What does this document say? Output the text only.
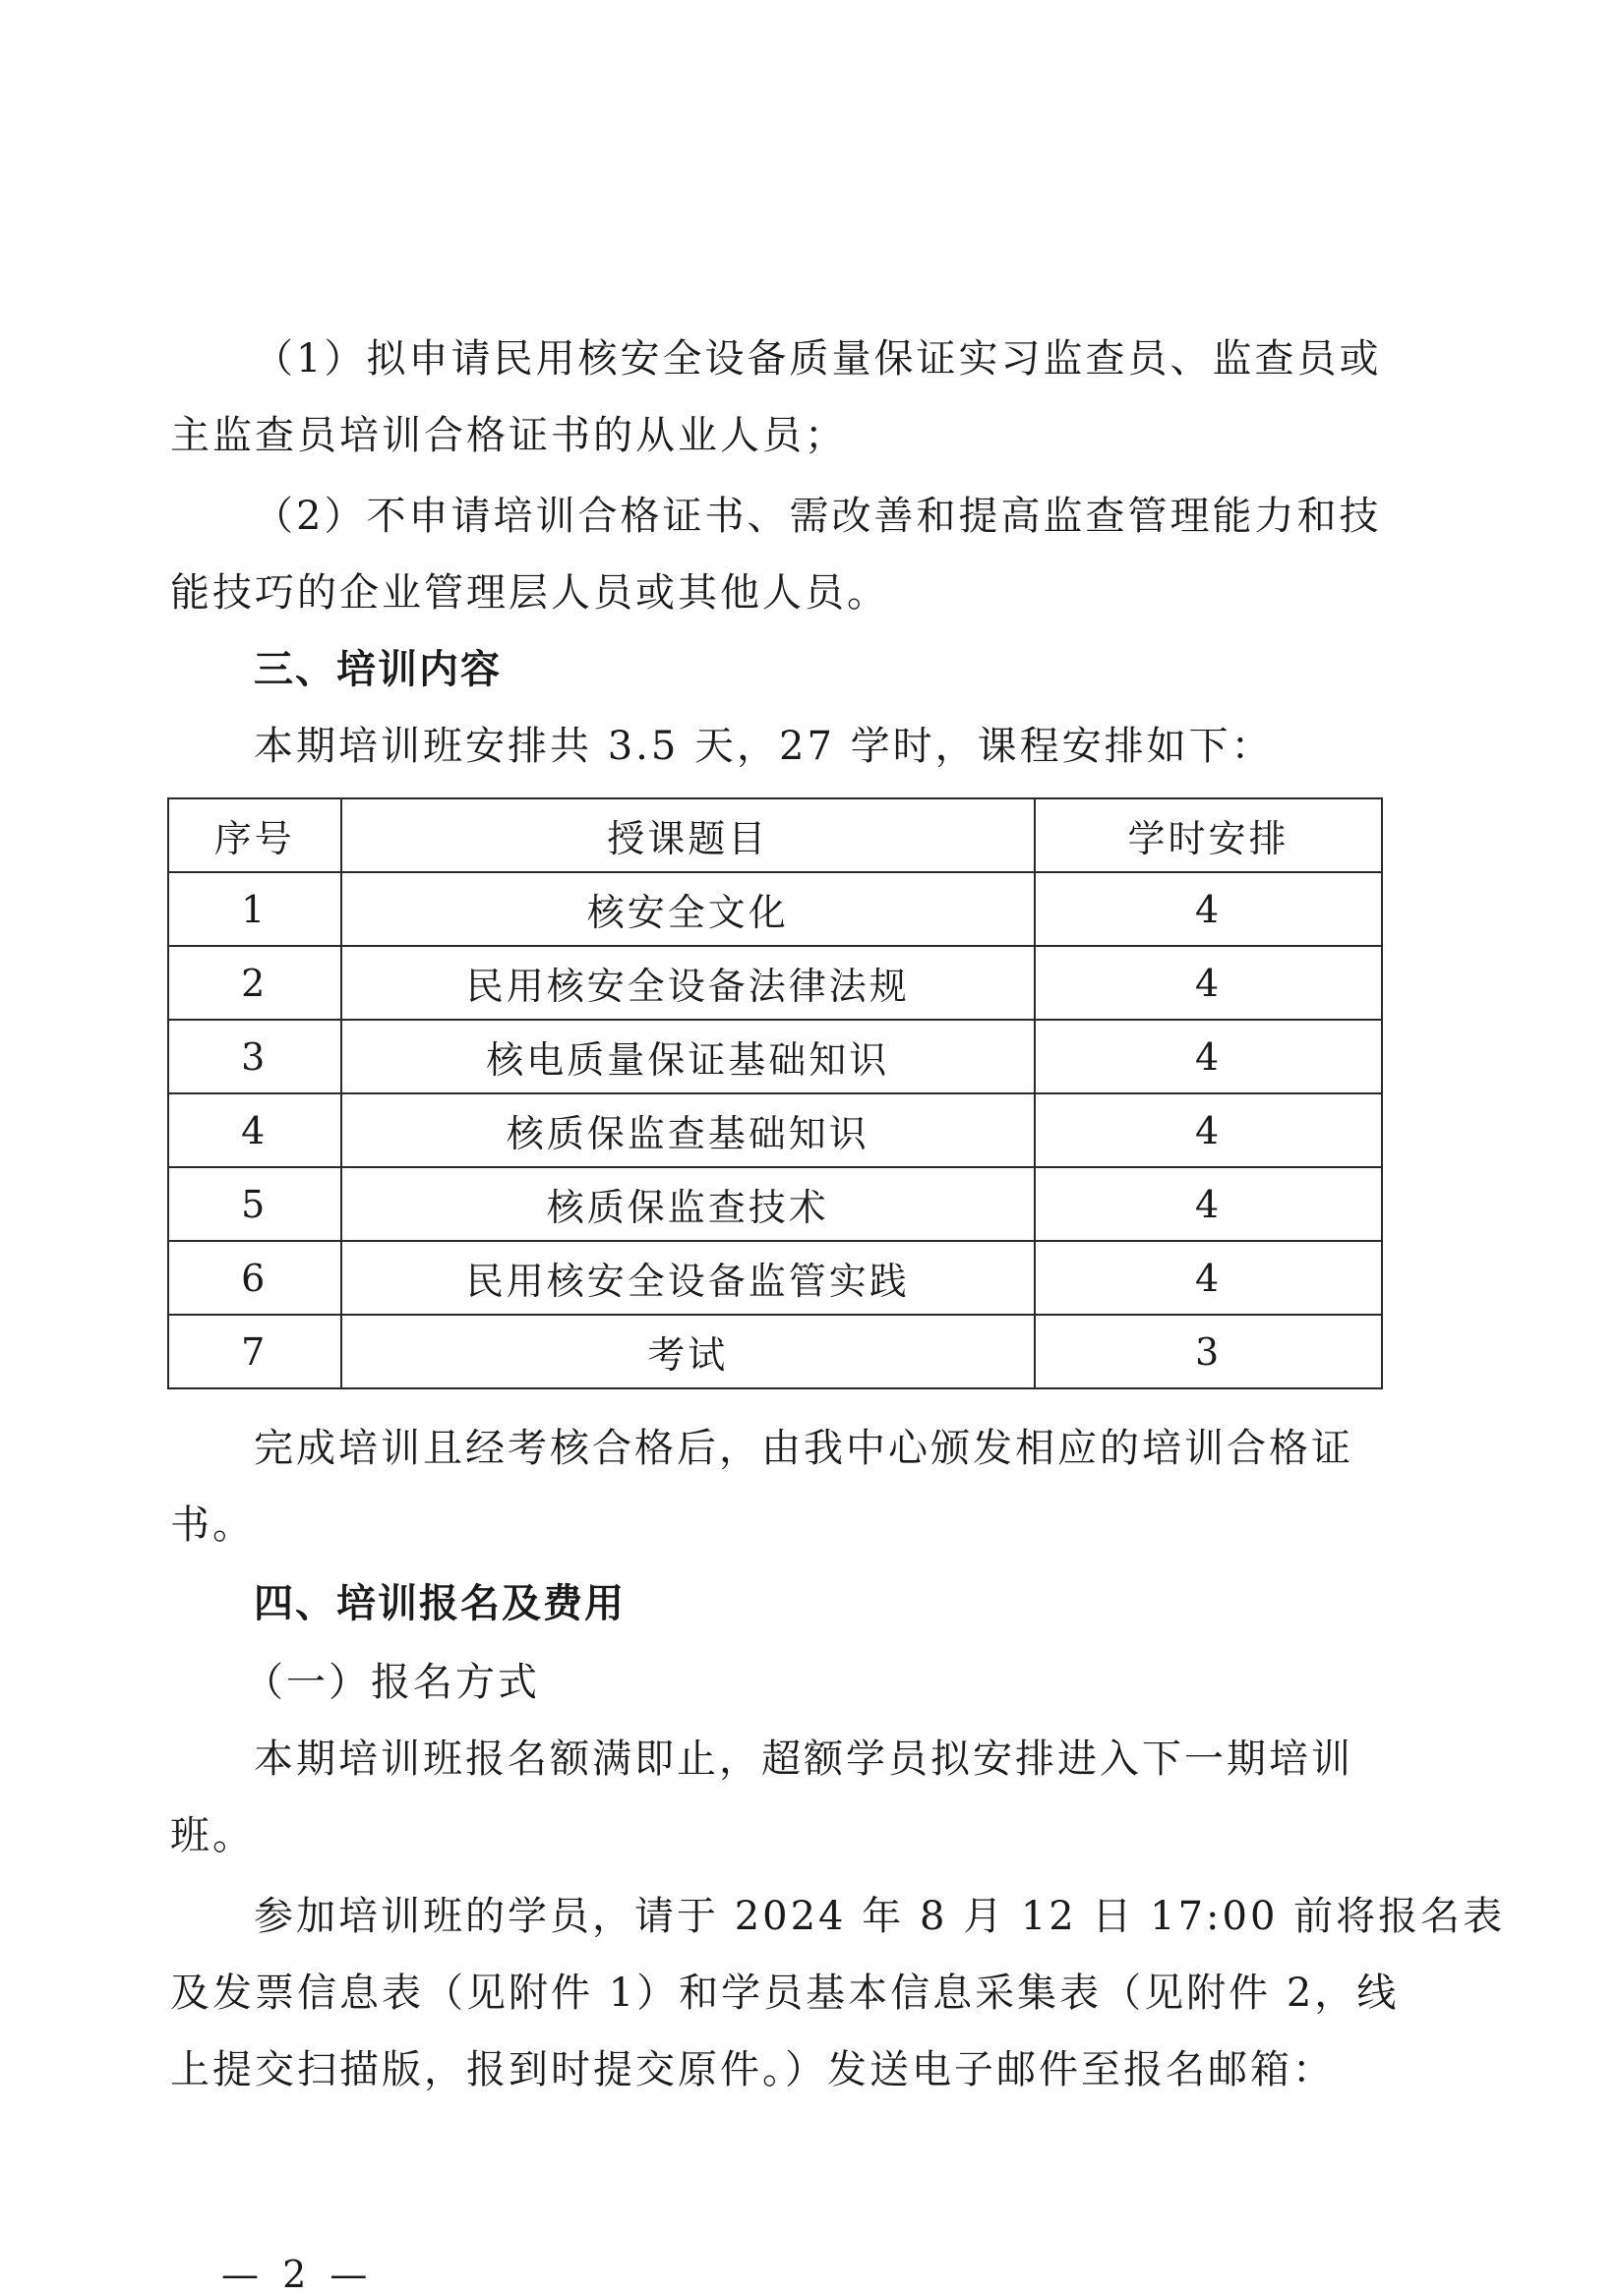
（1）拟申请民用核安全设备质量保证实习监查员、监查员或
主监查员培训合格证书的从业人员；
（2）不申请培训合格证书、需改善和提高监查管理能力和技
能技巧的企业管理层人员或其他人员。
三、培训内容
本期培训班安排共 3.5 天，27 学时，课程安排如下：
序号	授课题目	学时安排
1	核安全文化	4
2	民用核安全设备法律法规	4
3	核电质量保证基础知识	4
4	核质保监查基础知识	4
5	核质保监查技术	4
6	民用核安全设备监管实践	4
7	考试	3
完成培训且经考核合格后，由我中心颁发相应的培训合格证
书。
四、培训报名及费用
（一）报名方式
本期培训班报名额满即止，超额学员拟安排进入下一期培训
班。
参加培训班的学员，请于 2024 年 8 月 12 日 17:00 前将报名表
及发票信息表（见附件 1）和学员基本信息采集表（见附件 2，线
上提交扫描版，报到时提交原件。）发送电子邮件至报名邮箱：
— 2 —
